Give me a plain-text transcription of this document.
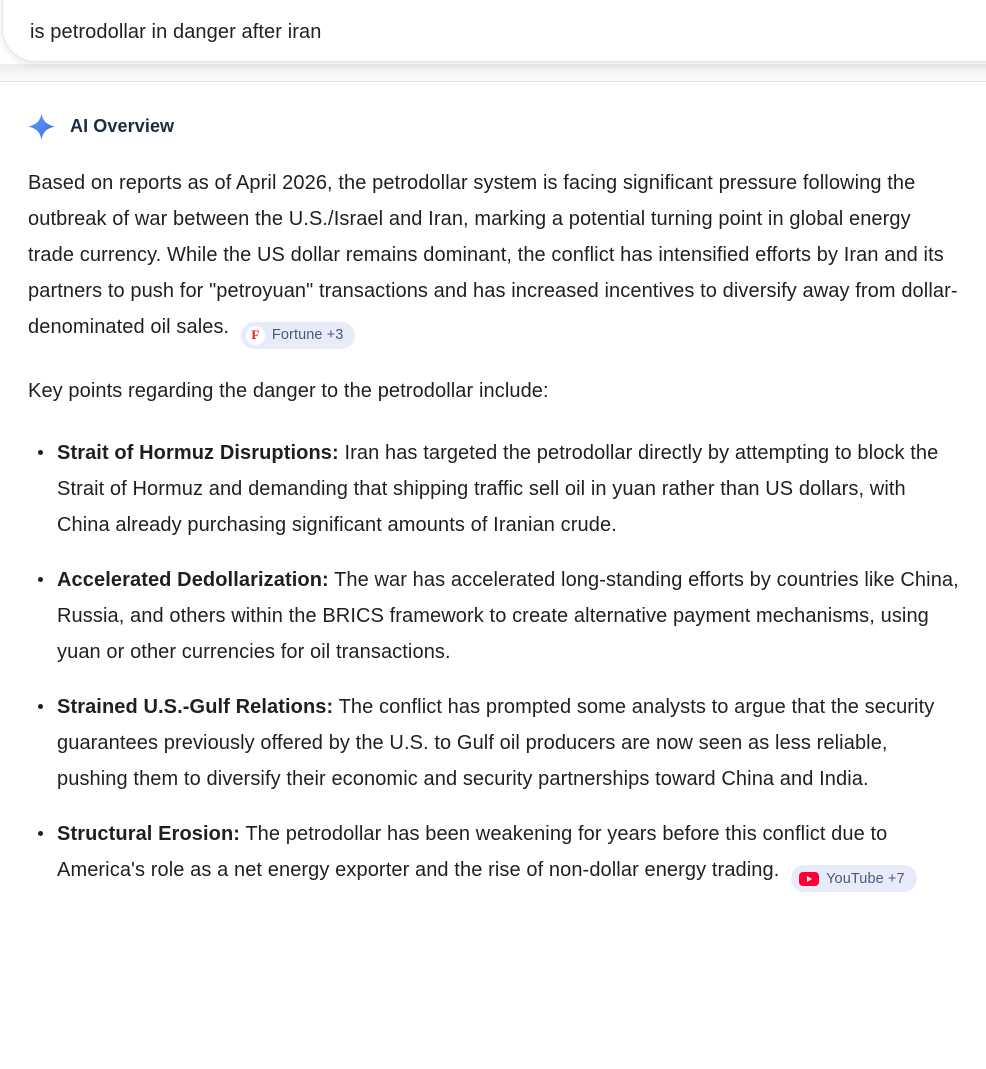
is petrodollar in danger after iran
AI Overview

Based on reports as of April 2026, the petrodollar system is facing significant pressure following the outbreak of war between the U.S./Israel and Iran, marking a potential turning point in global energy trade currency. While the US dollar remains dominant, the conflict has intensified efforts by Iran and its partners to push for "petroyuan" transactions and has increased incentives to diversify away from dollar-denominated oil sales.	F Fortune +3

Key points regarding the danger to the petrodollar include:

Strait of Hormuz Disruptions: Iran has targeted the petrodollar directly by attempting to block the Strait of Hormuz and demanding that shipping traffic sell oil in yuan rather than US dollars, with China already purchasing significant amounts of Iranian crude.
Accelerated Dedollarization: The war has accelerated long-standing efforts by countries like China, Russia, and others within the BRICS framework to create alternative payment mechanisms, using yuan or other currencies for oil transactions.
Strained U.S.-Gulf Relations: The conflict has prompted some analysts to argue that the security guarantees previously offered by the U.S. to Gulf oil producers are now seen as less reliable, pushing them to diversify their economic and security partnerships toward China and India.
Structural Erosion: The petrodollar has been weakening for years before this conflict due to America's role as a net energy exporter and the rise of non-dollar energy trading.	YouTube +7
